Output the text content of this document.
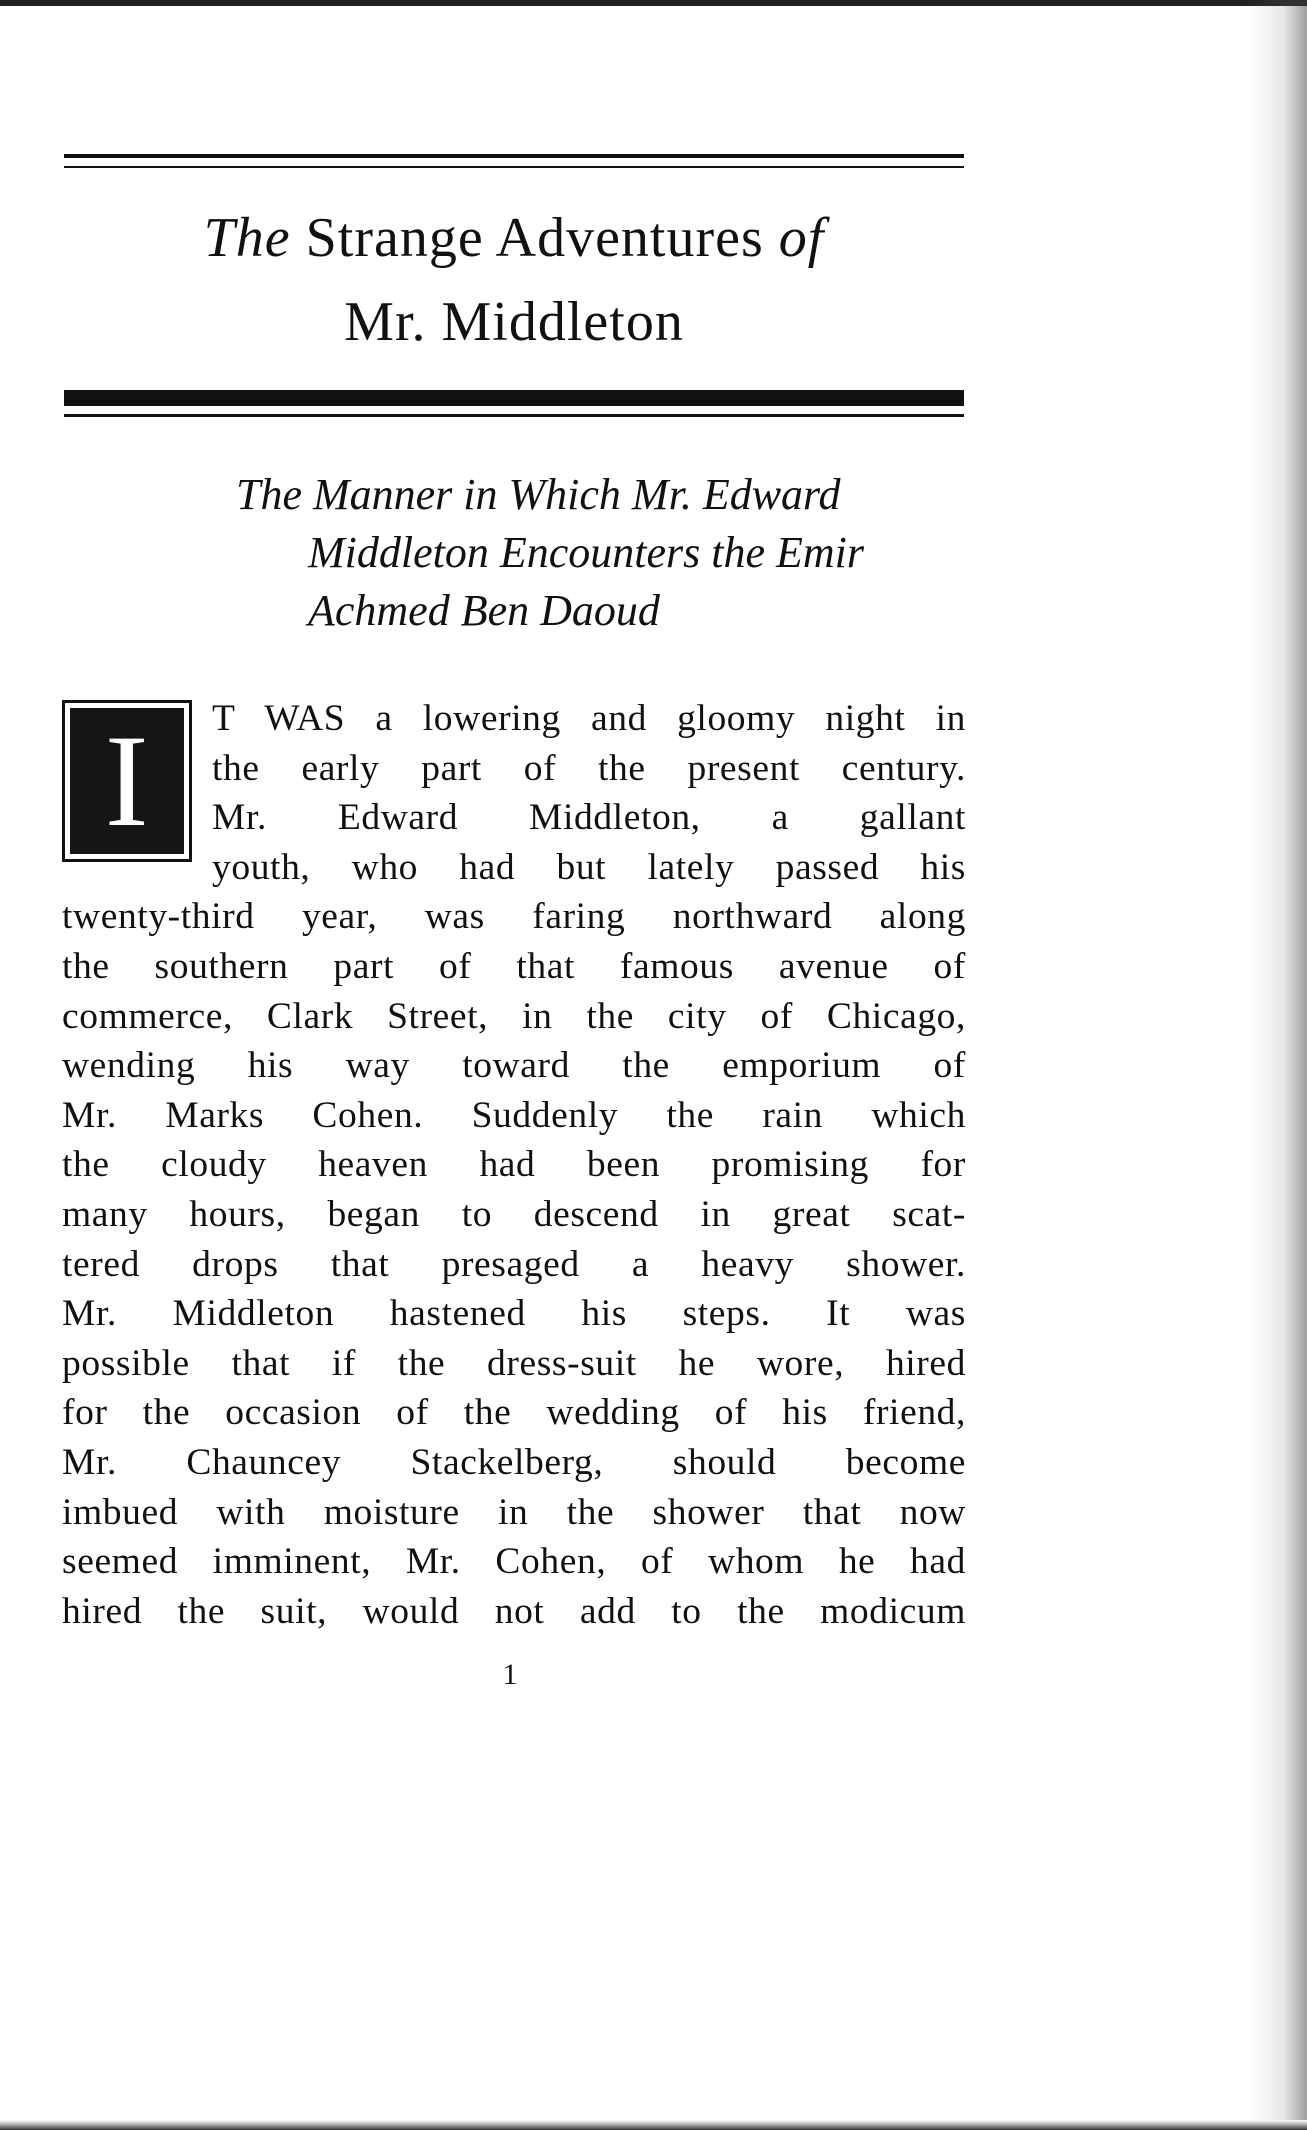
The Strange Adventures of
Mr. Middleton

The Manner in Which Mr. Edward
Middleton Encounters the Emir
Achmed Ben Daoud

I	T WAS a lowering and gloomy night in
the early part of the present century.
Mr. Edward Middleton, a gallant
youth, who had but lately passed his
twenty-third year, was faring northward along
the southern part of that famous avenue of
commerce, Clark Street, in the city of Chicago,
wending his way toward the emporium of
Mr. Marks Cohen. Suddenly the rain which
the cloudy heaven had been promising for
many hours, began to descend in great scat-
tered drops that presaged a heavy shower.
Mr. Middleton hastened his steps. It was
possible that if the dress-suit he wore, hired
for the occasion of the wedding of his friend,
Mr. Chauncey Stackelberg, should become
imbued with moisture in the shower that now
seemed imminent, Mr. Cohen, of whom he had
hired the suit, would not add to the modicum

1
